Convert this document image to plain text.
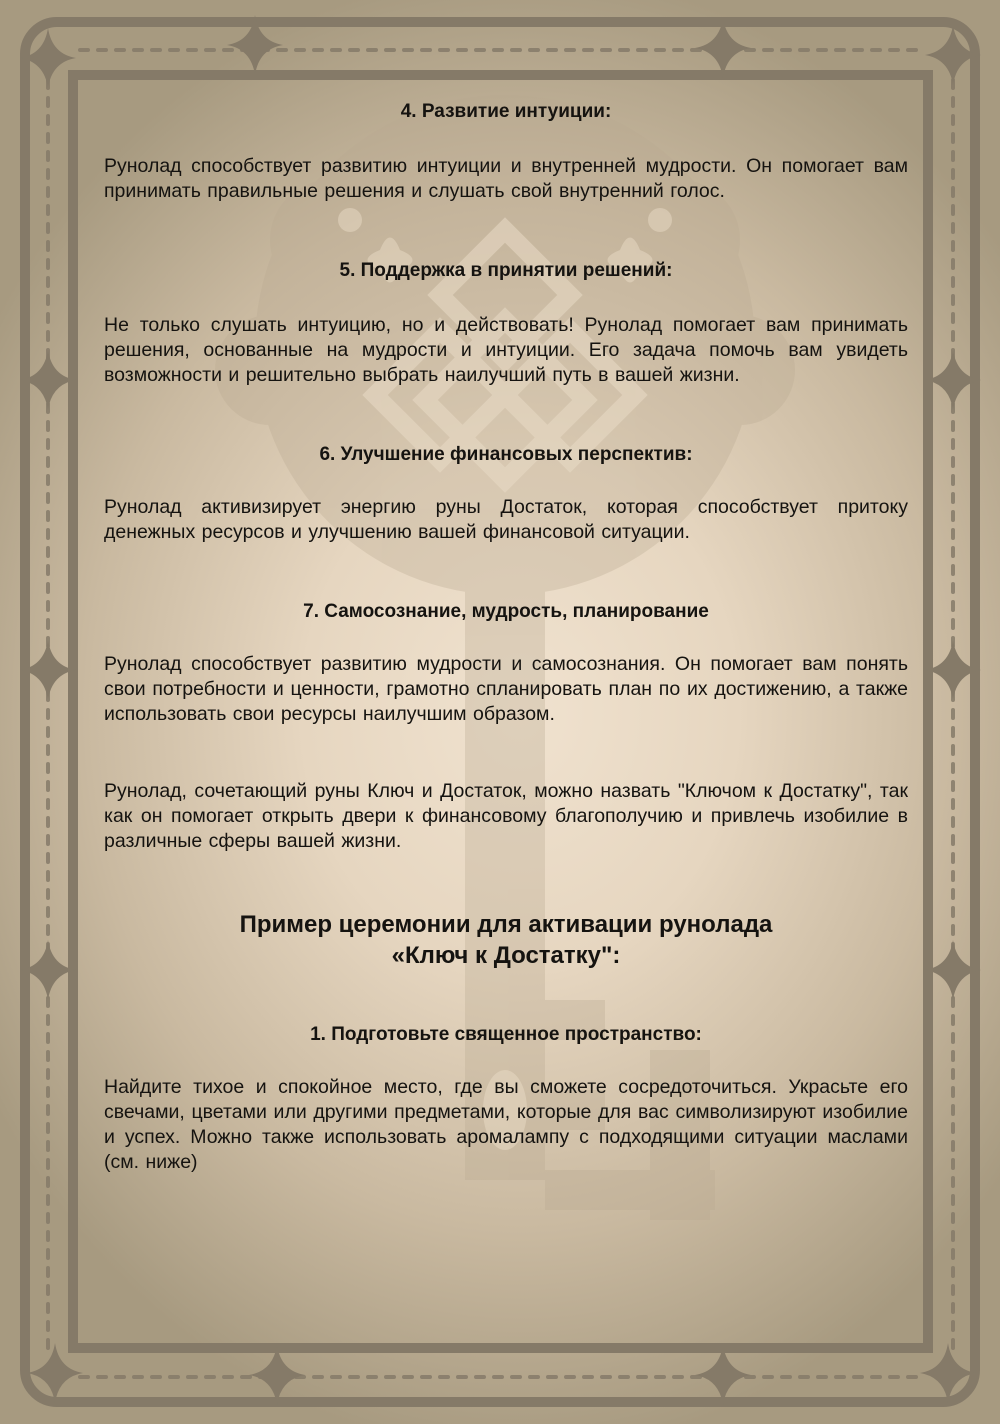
4. Развитие интуиции:

Рунолад способствует развитию интуиции и внутренней мудрости. Он помогает вам принимать правильные решения и слушать свой внутренний голос.

5. Поддержка в принятии решений:

Не только слушать интуицию, но и действовать! Рунолад помогает вам принимать решения, основанные на мудрости и интуиции. Его задача помочь вам увидеть возможности и решительно выбрать наилучший путь в вашей жизни.

6. Улучшение финансовых перспектив:

Рунолад активизирует энергию руны Достаток, которая способствует притоку денежных ресурсов и улучшению вашей финансовой ситуации.

7. Самосознание, мудрость, планирование

Рунолад способствует развитию мудрости и самосознания. Он помогает вам понять свои потребности и ценности, грамотно спланировать план по их достижению, а также использовать свои ресурсы наилучшим образом.

Рунолад, сочетающий руны Ключ и Достаток, можно назвать "Ключом к Достатку", так как он помогает открыть двери к финансовому благополучию и привлечь изобилие в различные сферы вашей жизни.

Пример церемонии для активации рунолада
«Ключ к Достатку":
1. Подготовьте священное пространство:

Найдите тихое и спокойное место, где вы сможете сосредоточиться. Украсьте его свечами, цветами или другими предметами, которые для вас символизируют изобилие и успех. Можно также использовать аромалампу с подходящими ситуации маслами (см. ниже)
